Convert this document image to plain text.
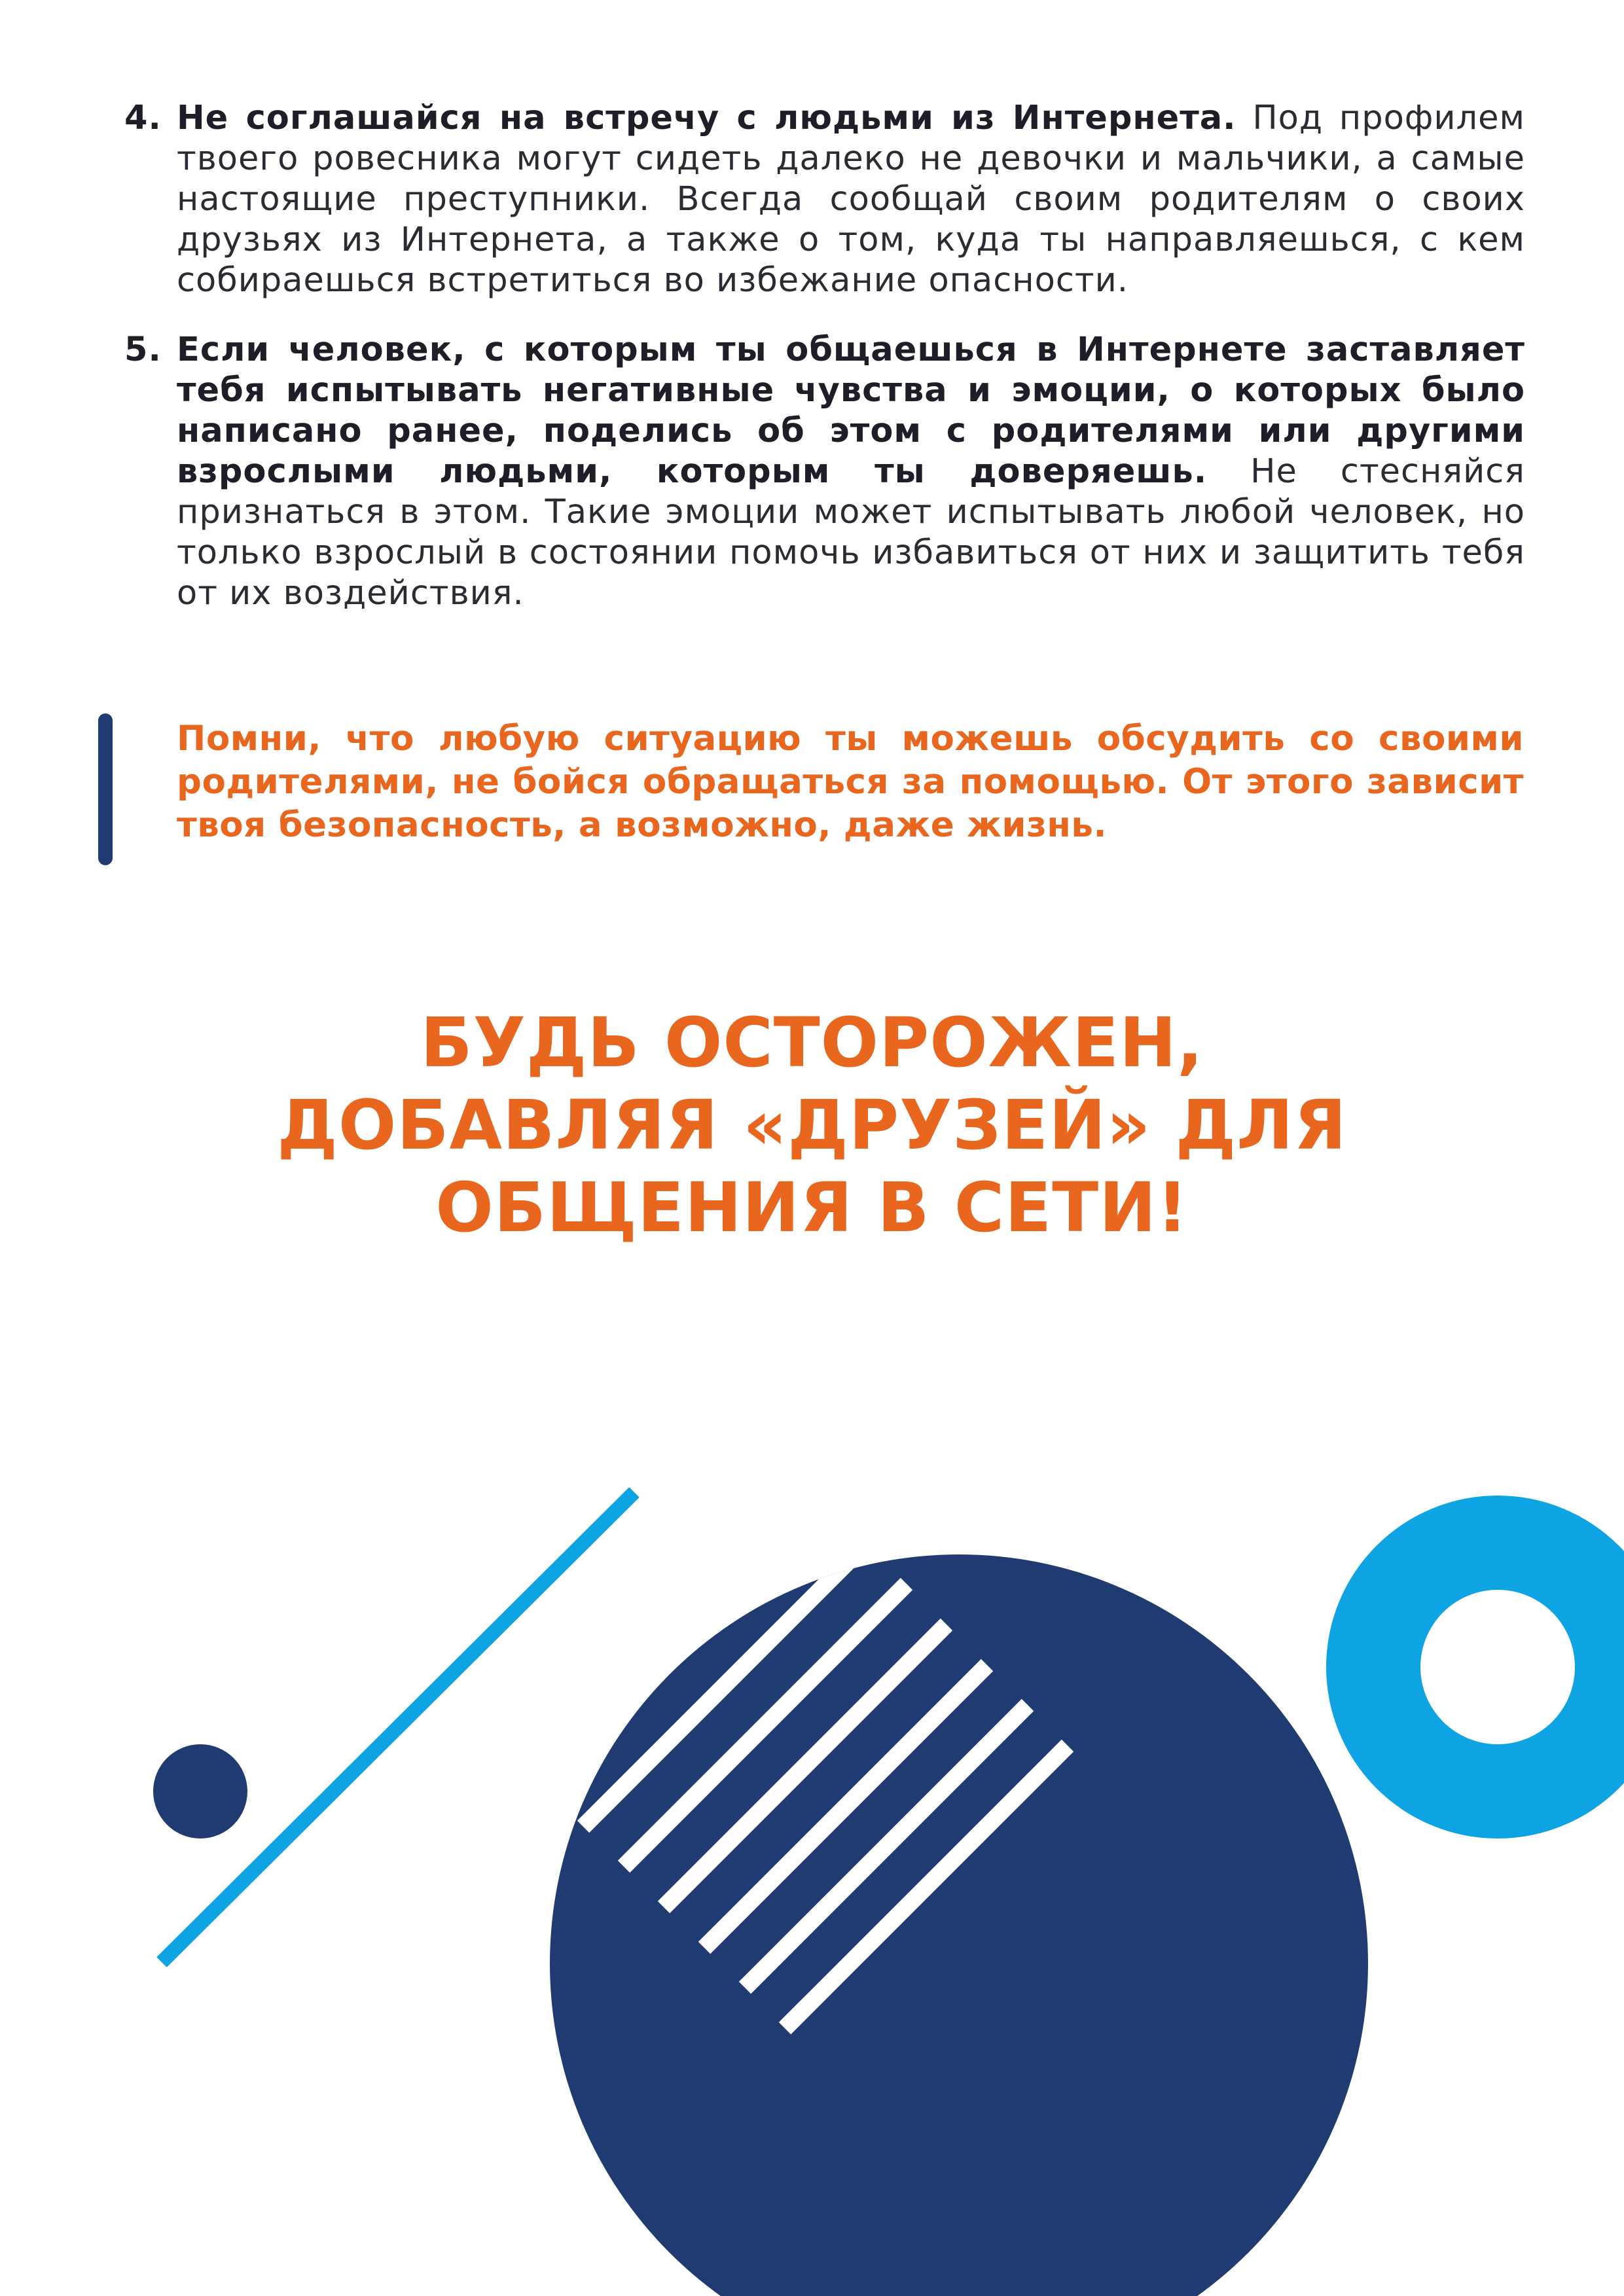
4. Не соглашайся на встречу с людьми из Интернета. Под профилем твоего ровесника могут сидеть далеко не девочки и мальчики, а самые настоящие преступники. Всегда сообщай своим родителям о своих друзьях из Интернета, а также о том, куда ты направляешься, с кем собираешься встретиться во избежание опасности.
5. Если человек, с которым ты общаешься в Интернете заставляет тебя испытывать негативные чувства и эмоции, о которых было написано ранее, поделись об этом с родителями или другими взрослыми людьми, которым ты доверяешь. Не стесняйся признаться в этом. Такие эмоции может испытывать любой человек, но только взрослый в состоянии помочь избавиться от них и защитить тебя от их воздействия.
Помни, что любую ситуацию ты можешь обсудить со своими родителями, не бойся обращаться за помощью. От этого зависит твоя безопасность, а возможно, даже жизнь.
БУДЬ ОСТОРОЖЕН,
ДОБАВЛЯЯ «ДРУЗЕЙ» ДЛЯ
ОБЩЕНИЯ В СЕТИ!
